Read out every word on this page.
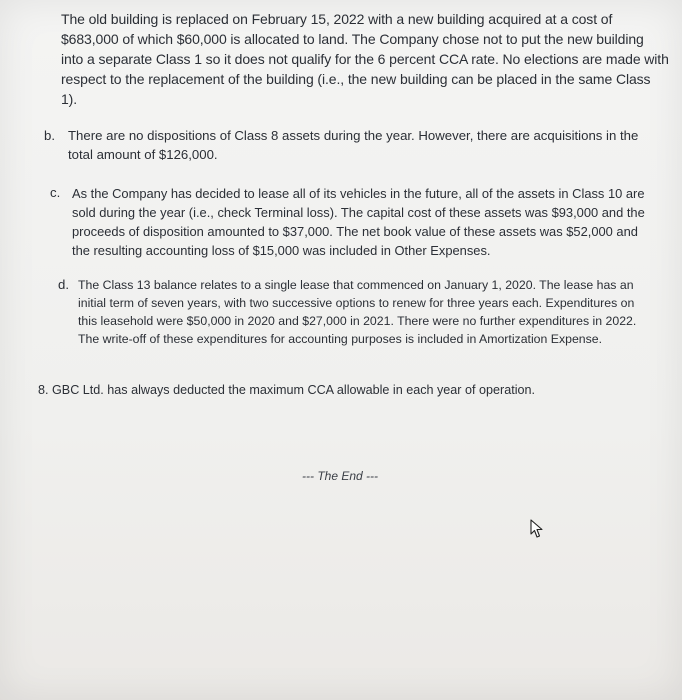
The old building is replaced on February 15, 2022 with a new building acquired at a cost of $683,000 of which $60,000 is allocated to land. The Company chose not to put the new building into a separate Class 1 so it does not qualify for the 6 percent CCA rate. No elections are made with respect to the replacement of the building (i.e., the new building can be placed in the same Class 1).
b. There are no dispositions of Class 8 assets during the year. However, there are acquisitions in the total amount of $126,000.
c. As the Company has decided to lease all of its vehicles in the future, all of the assets in Class 10 are sold during the year (i.e., check Terminal loss). The capital cost of these assets was $93,000 and the proceeds of disposition amounted to $37,000. The net book value of these assets was $52,000 and the resulting accounting loss of $15,000 was included in Other Expenses.
d. The Class 13 balance relates to a single lease that commenced on January 1, 2020. The lease has an initial term of seven years, with two successive options to renew for three years each. Expenditures on this leasehold were $50,000 in 2020 and $27,000 in 2021. There were no further expenditures in 2022. The write-off of these expenditures for accounting purposes is included in Amortization Expense.
8. GBC Ltd. has always deducted the maximum CCA allowable in each year of operation.
--- The End ---
